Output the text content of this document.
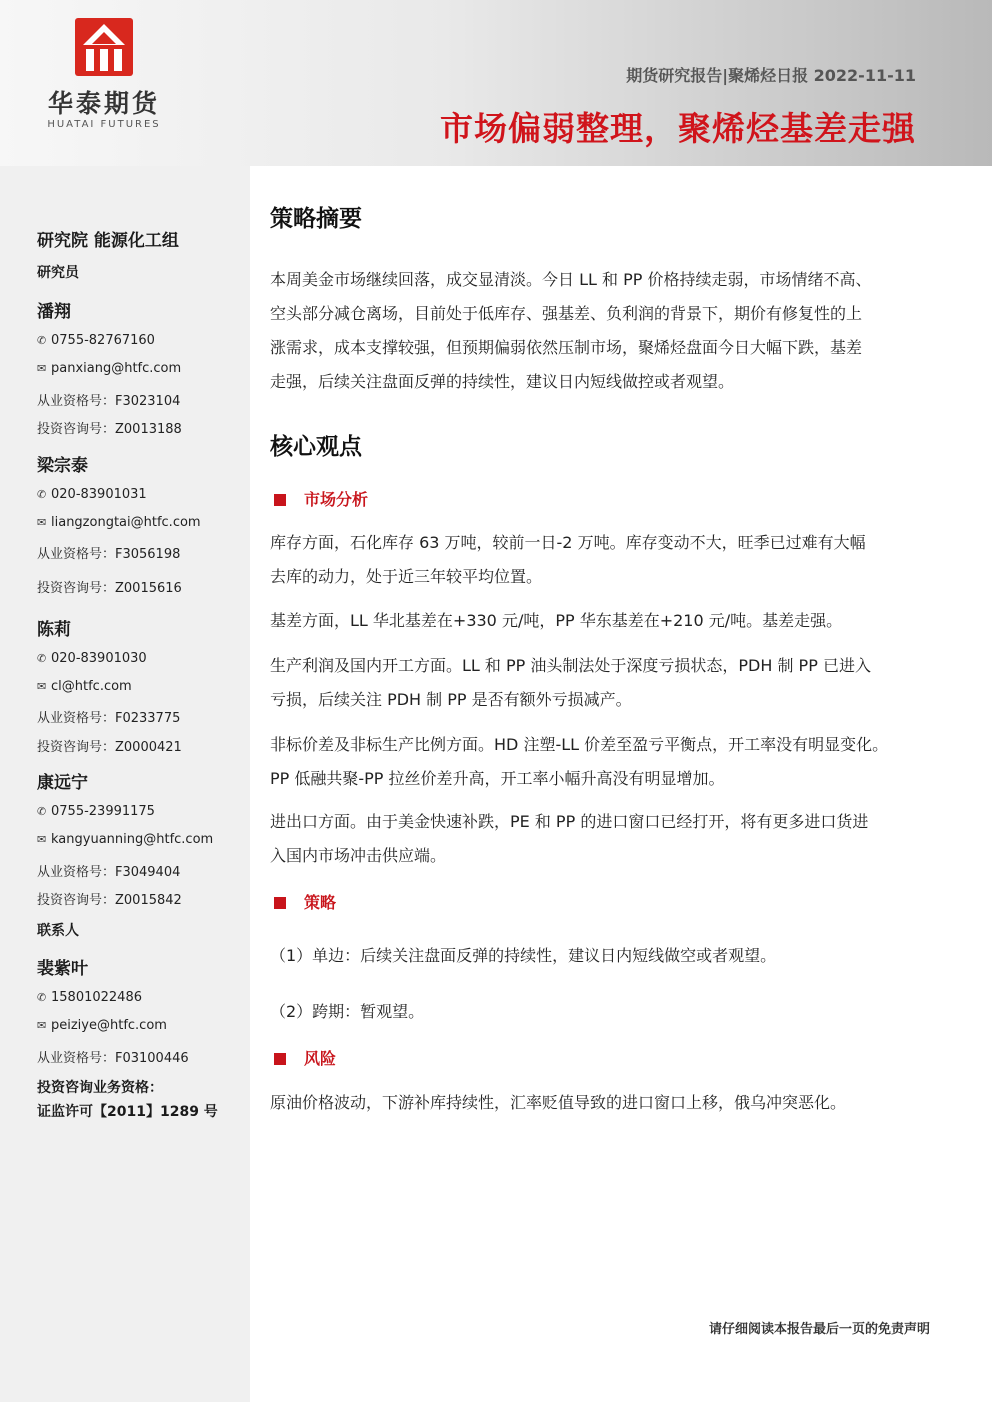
华泰期货
HUATAI FUTURES
期货研究报告|聚烯烃日报 2022-11-11
市场偏弱整理，聚烯烃基差走强
研究院 能源化工组
研究员
潘翔
✆ 0755-82767160
✉ panxiang@htfc.com
从业资格号：F3023104
投资咨询号：Z0013188
梁宗泰
✆ 020-83901031
✉ liangzongtai@htfc.com
从业资格号：F3056198
投资咨询号：Z0015616
陈莉
✆ 020-83901030
✉ cl@htfc.com
从业资格号：F0233775
投资咨询号：Z0000421
康远宁
✆ 0755-23991175
✉ kangyuanning@htfc.com
从业资格号：F3049404
投资咨询号：Z0015842
联系人
裴紫叶
✆ 15801022486
✉ peiziye@htfc.com
从业资格号：F03100446
投资咨询业务资格：
证监许可【2011】1289 号
策略摘要
本周美金市场继续回落，成交显清淡。今日 LL 和 PP 价格持续走弱，市场情绪不高、
空头部分减仓离场，目前处于低库存、强基差、负利润的背景下，期价有修复性的上
涨需求，成本支撑较强，但预期偏弱依然压制市场，聚烯烃盘面今日大幅下跌，基差
走强，后续关注盘面反弹的持续性，建议日内短线做控或者观望。
核心观点
市场分析
库存方面，石化库存 63 万吨，较前一日-2 万吨。库存变动不大，旺季已过难有大幅
去库的动力，处于近三年较平均位置。
基差方面，LL 华北基差在+330 元/吨，PP 华东基差在+210 元/吨。基差走强。
生产利润及国内开工方面。LL 和 PP 油头制法处于深度亏损状态，PDH 制 PP 已进入
亏损，后续关注 PDH 制 PP 是否有额外亏损减产。
非标价差及非标生产比例方面。HD 注塑-LL 价差至盈亏平衡点，开工率没有明显变化。
PP 低融共聚-PP 拉丝价差升高，开工率小幅升高没有明显增加。
进出口方面。由于美金快速补跌，PE 和 PP 的进口窗口已经打开，将有更多进口货进
入国内市场冲击供应端。
策略
（1）单边：后续关注盘面反弹的持续性，建议日内短线做空或者观望。
（2）跨期：暂观望。
风险
原油价格波动，下游补库持续性，汇率贬值导致的进口窗口上移，俄乌冲突恶化。
请仔细阅读本报告最后一页的免责声明
